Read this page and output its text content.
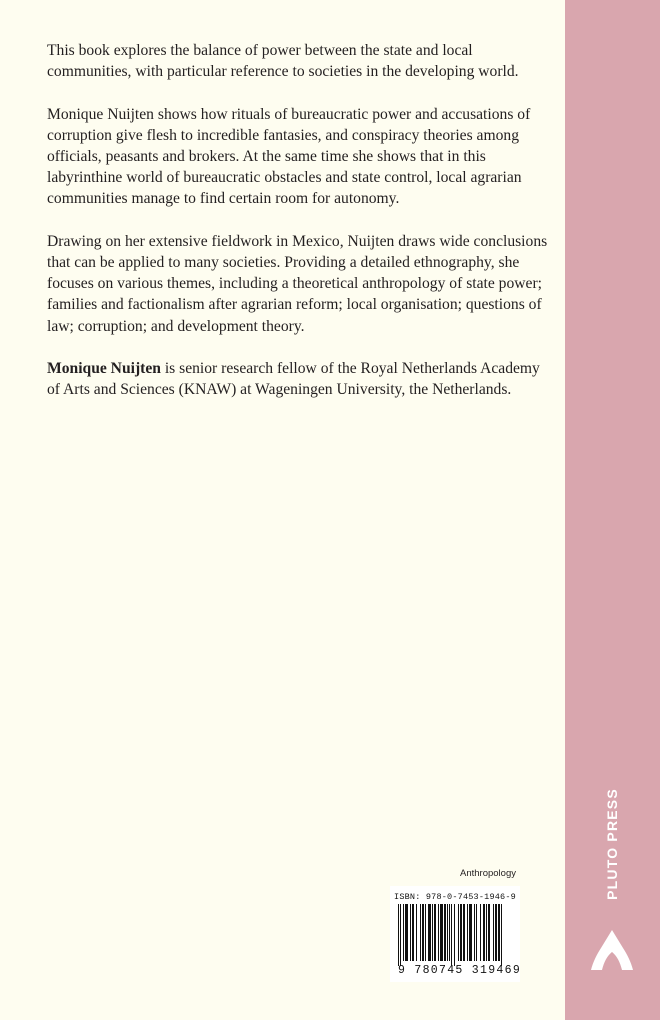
This book explores the balance of power between the state and local communities, with particular reference to societies in the developing world.

Monique Nuijten shows how rituals of bureaucratic power and accusations of corruption give flesh to incredible fantasies, and conspiracy theories among officials, peasants and brokers. At the same time she shows that in this labyrinthine world of bureaucratic obstacles and state control, local agrarian communities manage to find certain room for autonomy.

Drawing on her extensive fieldwork in Mexico, Nuijten draws wide conclusions that can be applied to many societies. Providing a detailed ethnography, she focuses on various themes, including a theoretical anthropology of state power; families and factionalism after agrarian reform; local organisation; questions of law; corruption; and development theory.

Monique Nuijten is senior research fellow of the Royal Netherlands Academy of Arts and Sciences (KNAW) at Wageningen University, the Netherlands.

Anthropology
ISBN: 978-0-7453-1946-9
9 780745 319469
PLUTO PRESS
